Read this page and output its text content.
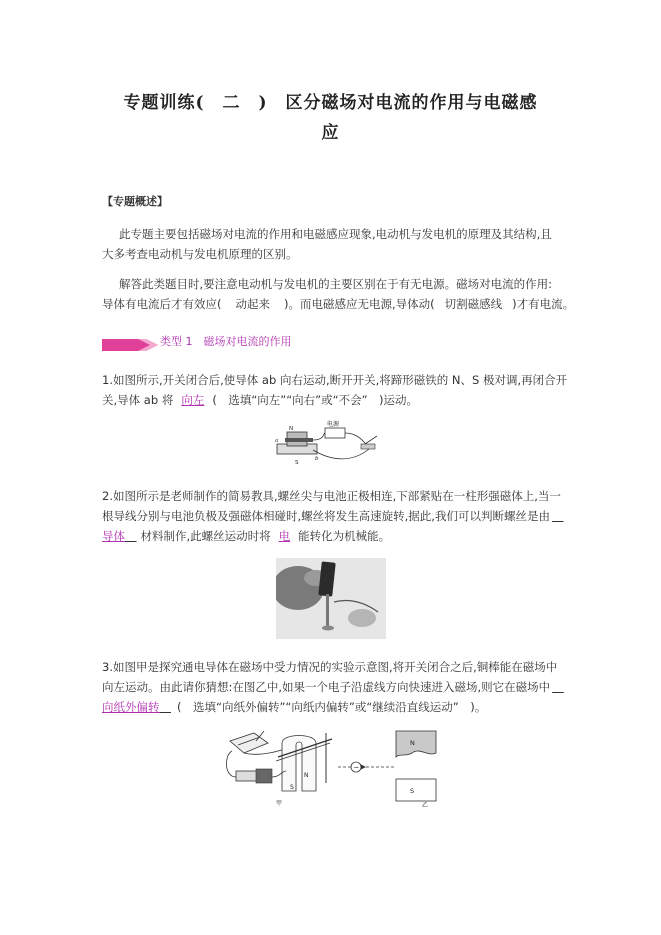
专题训练(　二　)　区分磁场对电流的作用与电磁感
应
【专题概述】
此专题主要包括磁场对电流的作用和电磁感应现象,电动机与发电机的原理及其结构,且
大多考查电动机与发电机原理的区别。
解答此类题目时,要注意电动机与发电机的主要区别在于有无电源。磁场对电流的作用:
导体有电流后才有效应( 动起来 )。而电磁感应无电源,导体动( 切割磁感线 )才有电流。
类型 1　磁场对电流的作用
1.如图所示,开关闭合后,使导体 ab 向右运动,断开开关,将蹄形磁铁的 N、S 极对调,再闭合开
关,导体 ab 将 向左 (　选填“向左”“向右”或“不会”　)运动。
电源
N
S
a
b
2.如图所示是老师制作的简易教具,螺丝尖与电池正极相连,下部紧贴在一柱形强磁体上,当一
根导线分别与电池负极及强磁体相碰时,螺丝将发生高速旋转,据此,我们可以判断螺丝是由 
导体  材料制作,此螺丝运动时将 电 能转化为机械能。
3.如图甲是探究通电导体在磁场中受力情况的实验示意图,将开关闭合之后,铜棒能在磁场中
向左运动。由此请你猜想:在图乙中,如果一个电子沿虚线方向快速进入磁场,则它在磁场中 
向纸外偏转  (　选填“向纸外偏转”“向纸内偏转”或“继续沿直线运动”　)。
N
S
甲
−
N
S
乙
